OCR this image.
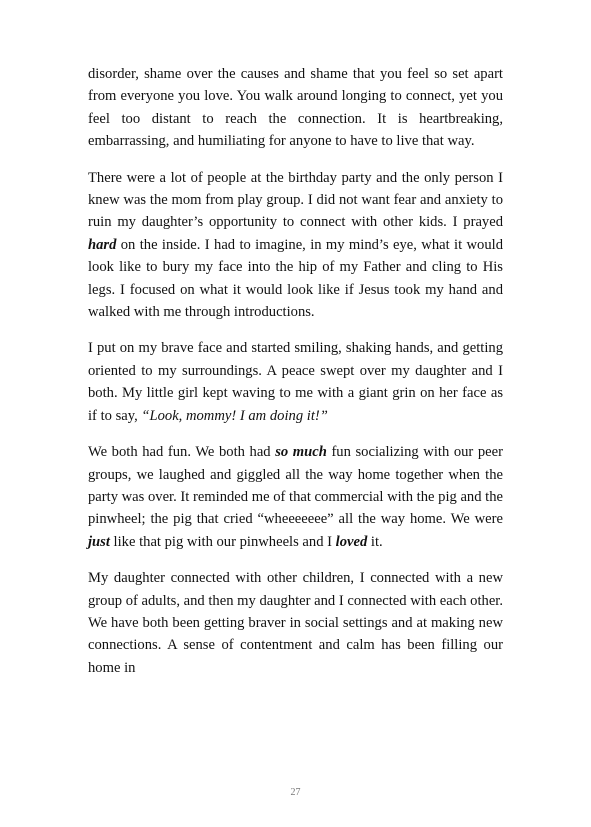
disorder, shame over the causes and shame that you feel so set apart from everyone you love. You walk around longing to connect, yet you feel too distant to reach the connection. It is heartbreaking, embarrassing, and humiliating for anyone to have to live that way.

There were a lot of people at the birthday party and the only person I knew was the mom from play group. I did not want fear and anxiety to ruin my daughter’s opportunity to connect with other kids. I prayed hard on the inside. I had to imagine, in my mind’s eye, what it would look like to bury my face into the hip of my Father and cling to His legs. I focused on what it would look like if Jesus took my hand and walked with me through introductions.

I put on my brave face and started smiling, shaking hands, and getting oriented to my surroundings. A peace swept over my daughter and I both. My little girl kept waving to me with a giant grin on her face as if to say, “Look, mommy! I am doing it!”

We both had fun. We both had so much fun socializing with our peer groups, we laughed and giggled all the way home together when the party was over. It reminded me of that commercial with the pig and the pinwheel; the pig that cried “wheeeeeee” all the way home. We were just like that pig with our pinwheels and I loved it.

My daughter connected with other children, I connected with a new group of adults, and then my daughter and I connected with each other. We have both been getting braver in social settings and at making new connections. A sense of contentment and calm has been filling our home in

27
